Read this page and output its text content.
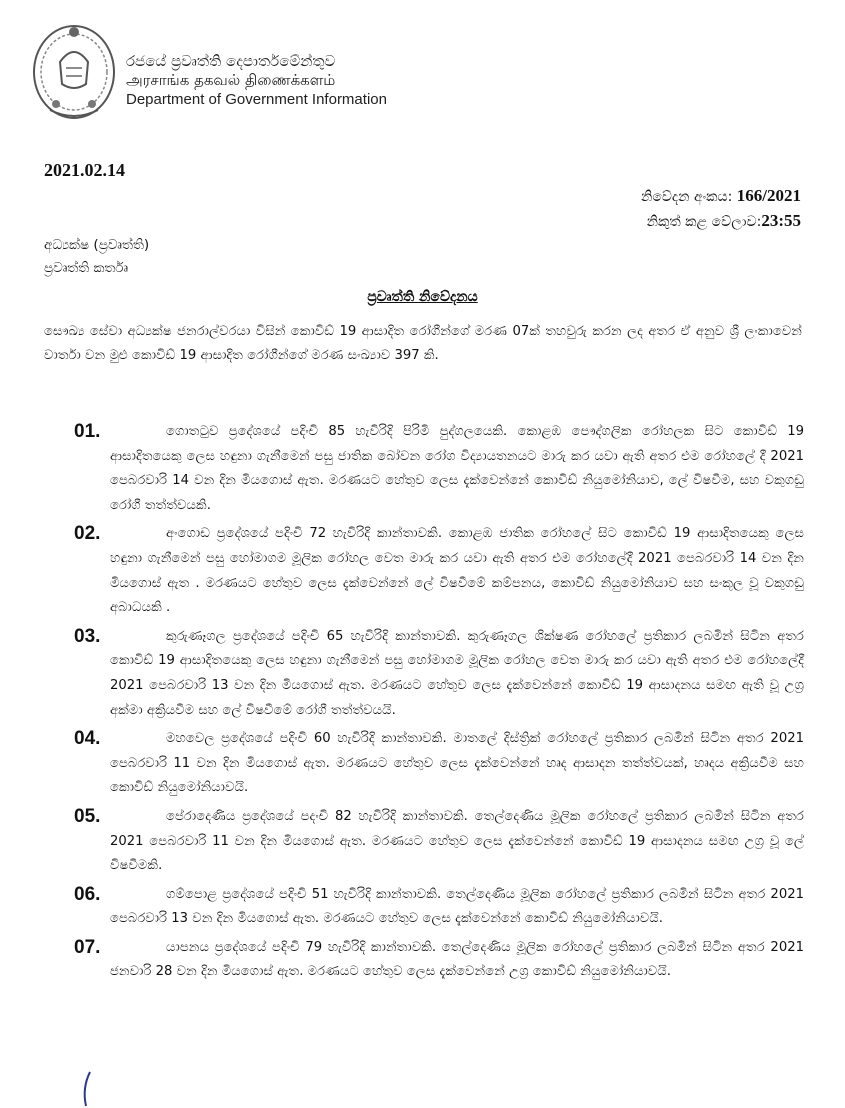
රජයේ ප්‍රවෘත්ති දෙපාර්තමේන්තුව
அரசாங்க தகவல் திணைக்களம்
Department of Government Information
2021.02.14
නිවේදන අංකය: 166/2021
නිකුත් කළ වේලාව:23:55
අධ්‍යක්ෂ (ප්‍රවෘත්ති)
ප්‍රවෘත්ති කර්තෘ
ප්‍රවෘත්ති නිවේදනය
සෞඛ්‍ය සේවා අධ්‍යක්ෂ ජනරාල්වරයා විසින් කොවිඩ් 19 ආසාදිත රෝගීන්ගේ මරණ 07ක් තහවුරු කරන ලද අතර ඒ අනුව ශ්‍රී ලංකාවෙන් වාර්තා වන මුළු කොවිඩ් 19 ආසාදිත රෝගීන්ගේ මරණ සංඛ්‍යාව 397 කි.
01.	ගොතටුව ප්‍රදේශයේ පදිංචි 85 හැවිරිදි පිරිමි පුද්ගලයෙකි. කොළඹ පෞද්ගලික රෝහලක සිට කොවිඩ් 19 ආසාදිතයෙකු ලෙස හඳුනා ගැනීමෙන් පසු ජාතික බෝවන රෝග විද්‍යායතනයට මාරු කර යවා ඇති අතර එම රෝහලේ දී 2021 පෙබරවාරි 14 වන දින මියගොස් ඇත. මරණයට හේතුව ලෙස දැක්වෙන්නේ කොවිඩ් නියුමෝනියාව, ලේ විෂවීම, සහ වකුගඩු රෝගී තත්ත්වයකි.
02.	අංගොඩ ප්‍රදේශයේ පදිංචි 72 හැවිරිදි කාන්තාවකි. කොළඹ ජාතික රෝහලේ සිට කොවිඩ් 19 ආසාදිතයෙකු ලෙස හඳුනා ගැනීමෙන් පසු හෝමාගම මූලික රෝහල වෙත මාරු කර යවා ඇති අතර එම රෝහලේදී 2021 පෙබරවාරි 14 වන දින මියගොස් ඇත . මරණයට හේතුව ලෙස දැක්වෙන්නේ ලේ විෂවීමේ කම්පනය, කොවිඩ් නියුමෝනියාව සහ සංකූල වූ වකුගඩු අබාධයකි .
03.	කුරුණෑගල ප්‍රදේශයේ පදිංචි 65 හැවිරිදි කාන්තාවකි. කුරුණෑගල ශික්ෂණ රෝහලේ ප්‍රතිකාර ලබමින් සිටින අතර කොවිඩ් 19 ආසාදිතයෙකු ලෙස හඳුනා ගැනීමෙන් පසු හෝමාගම මූලික රෝහල වෙත මාරු කර යවා ඇති අතර එම රෝහලේදී 2021 පෙබරවාරි 13 වන දින මියගොස් ඇත. මරණයට හේතුව ලෙස දැක්වෙන්නේ කොවිඩ් 19 ආසාදනය සමඟ ඇති වූ උග්‍ර අක්මා අක්‍රියවීම සහ ලේ විෂවීමේ රෝගී තත්ත්වයයි.
04.	මහවෙල ප්‍රදේශයේ පදිංචි 60 හැවිරිදි කාන්තාවකි. මාතලේ දිස්ත්‍රික් රෝහලේ ප්‍රතිකාර ලබමින් සිටින අතර 2021 පෙබරවාරි 11 වන දින මියගොස් ඇත. මරණයට හේතුව ලෙස දැක්වෙන්නේ හෘද ආසාදන තත්ත්වයක්, හෘදය අක්‍රියවීම සහ කොවිඩ් නියුමෝනියාවයි.
05.	පේරාදෙණිය ප්‍රදේශයේ පදංචි 82 හැවිරිදි කාන්තාවකි. තෙල්දෙණිය මූලික රෝහලේ ප්‍රතිකාර ලබමින් සිටින අතර 2021 පෙබරවාරි 11 වන දින මියගොස් ඇත. මරණයට හේතුව ලෙස දැක්වෙන්නේ කොවිඩ් 19 ආසාදනය සමඟ උග්‍ර වූ ලේ විෂවීමකි.
06.	ගම්පොළ ප්‍රදේශයේ පදිංචි 51 හැවිරිදි කාන්තාවකි. තෙල්දෙණිය මූලික රෝහලේ ප්‍රතිකාර ලබමින් සිටින අතර 2021 පෙබරවාරි 13 වන දින මියගොස් ඇත. මරණයට හේතුව ලෙස දැක්වෙන්නේ කොවිඩ් නියුමෝනියාවයි.
07.	යාපනය ප්‍රදේශයේ පදිංචි 79 හැවිරිදි කාන්තාවකි. තෙල්දෙණිය මූලික රෝහලේ ප්‍රතිකාර ලබමින් සිටින අතර 2021 ජනවාරි 28 වන දින මියගොස් ඇත. මරණයට හේතුව ලෙස දැක්වෙන්නේ උග්‍ර කොවිඩ් නියුමෝනියාවයි.
